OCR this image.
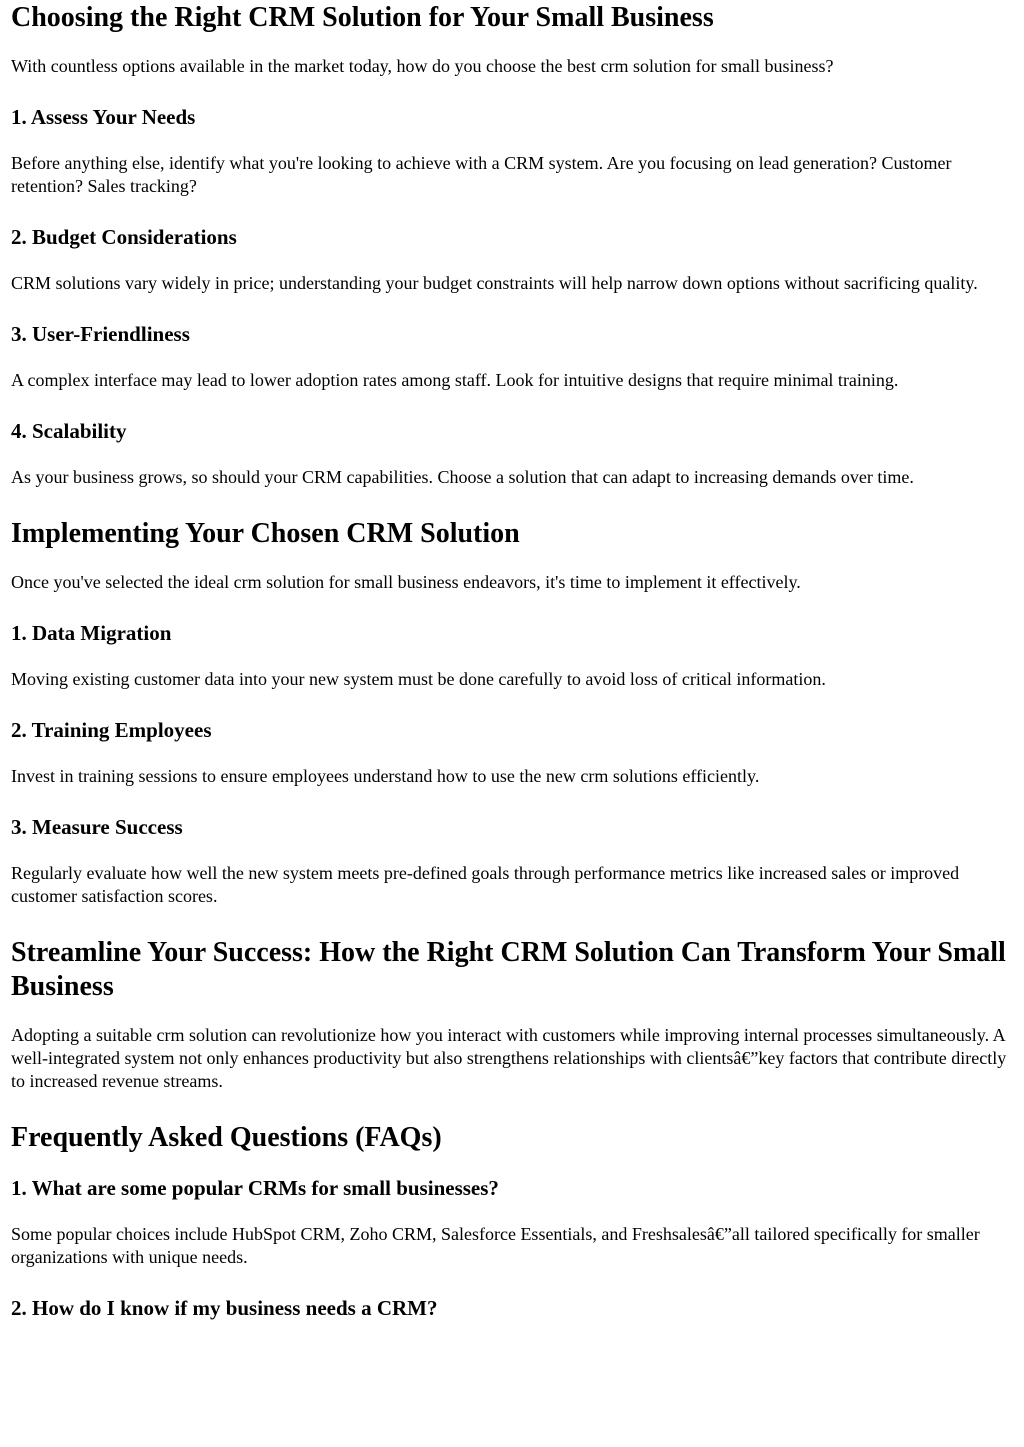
Choosing the Right CRM Solution for Your Small Business

With countless options available in the market today, how do you choose the best crm solution for small business?

1. Assess Your Needs

Before anything else, identify what you're looking to achieve with a CRM system. Are you focusing on lead generation? Customer retention? Sales tracking?

2. Budget Considerations

CRM solutions vary widely in price; understanding your budget constraints will help narrow down options without sacrificing quality.

3. User-Friendliness

A complex interface may lead to lower adoption rates among staff. Look for intuitive designs that require minimal training.

4. Scalability

As your business grows, so should your CRM capabilities. Choose a solution that can adapt to increasing demands over time.

Implementing Your Chosen CRM Solution

Once you've selected the ideal crm solution for small business endeavors, it's time to implement it effectively.

1. Data Migration

Moving existing customer data into your new system must be done carefully to avoid loss of critical information.

2. Training Employees

Invest in training sessions to ensure employees understand how to use the new crm solutions efficiently.

3. Measure Success

Regularly evaluate how well the new system meets pre-defined goals through performance metrics like increased sales or improved customer satisfaction scores.

Streamline Your Success: How the Right CRM Solution Can Transform Your Small Business

Adopting a suitable crm solution can revolutionize how you interact with customers while improving internal processes simultaneously. A well-integrated system not only enhances productivity but also strengthens relationships with clientsâ€”key factors that contribute directly to increased revenue streams.

Frequently Asked Questions (FAQs)
1. What are some popular CRMs for small businesses?

Some popular choices include HubSpot CRM, Zoho CRM, Salesforce Essentials, and Freshsalesâ€”all tailored specifically for smaller organizations with unique needs.

2. How do I know if my business needs a CRM?
